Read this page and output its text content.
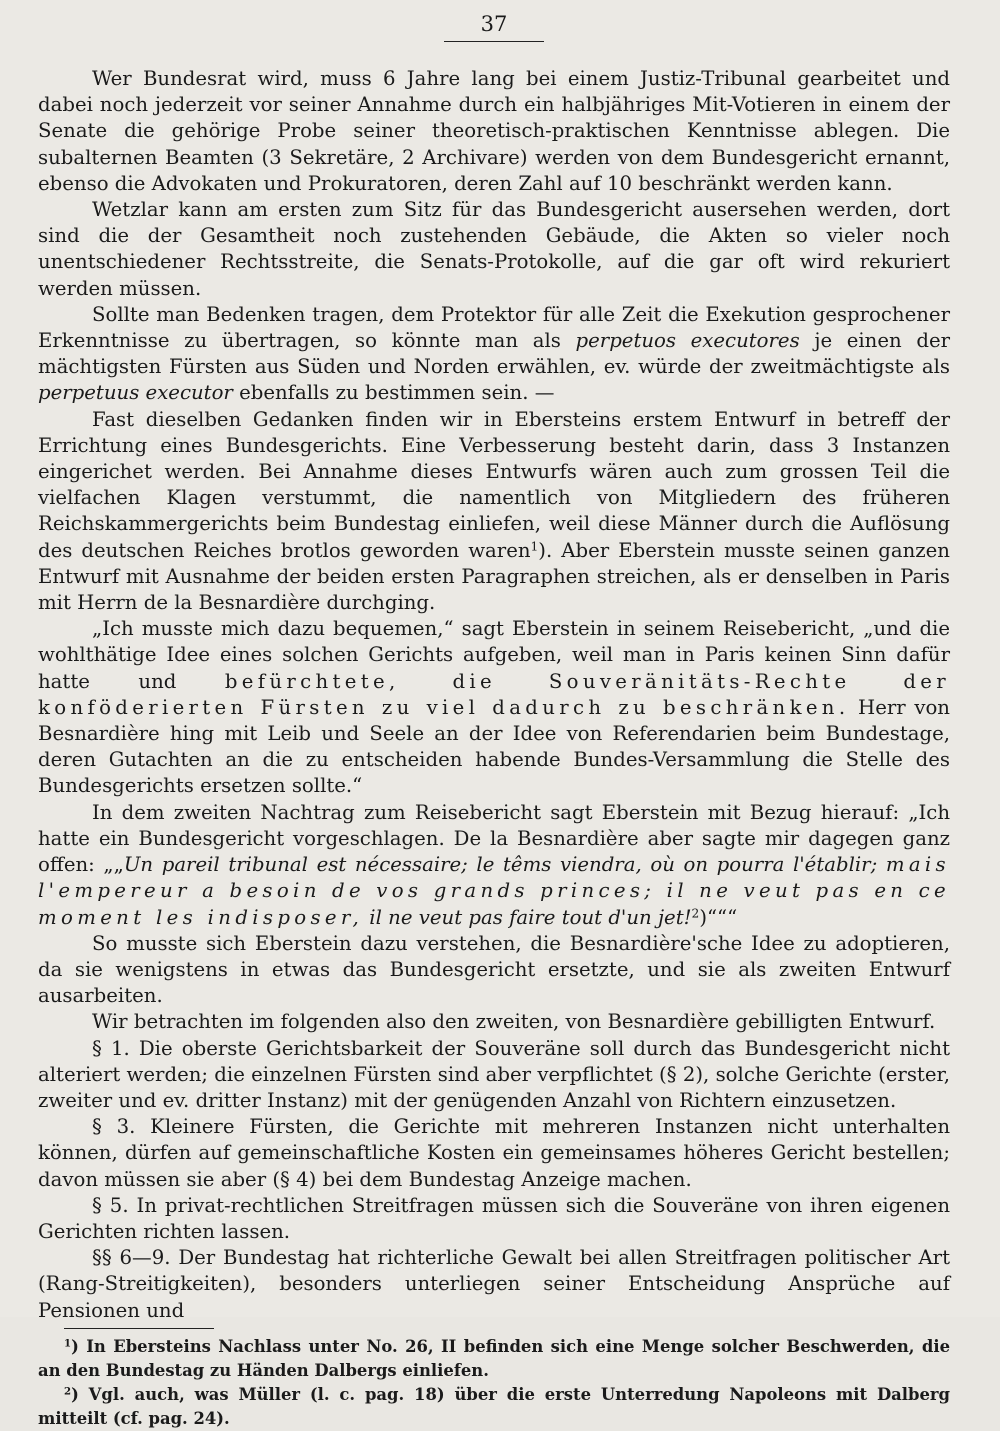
37

Wer Bundesrat wird, muss 6 Jahre lang bei einem Justiz-Tribunal gearbeitet und dabei noch jederzeit vor seiner Annahme durch ein halbjähriges Mit-Votieren in einem der Senate die gehörige Probe seiner theoretisch-praktischen Kenntnisse ablegen. Die subalternen Beamten (3 Sekretäre, 2 Archivare) werden von dem Bundesgericht ernannt, ebenso die Advokaten und Prokuratoren, deren Zahl auf 10 beschränkt werden kann.

Wetzlar kann am ersten zum Sitz für das Bundesgericht ausersehen werden, dort sind die der Gesamtheit noch zustehenden Gebäude, die Akten so vieler noch unentschiedener Rechtsstreite, die Senats-Protokolle, auf die gar oft wird rekuriert werden müssen.

Sollte man Bedenken tragen, dem Protektor für alle Zeit die Exekution gesprochener Erkenntnisse zu übertragen, so könnte man als perpetuos executores je einen der mächtigsten Fürsten aus Süden und Norden erwählen, ev. würde der zweitmächtigste als perpetuus executor ebenfalls zu bestimmen sein. —

Fast dieselben Gedanken finden wir in Ebersteins erstem Entwurf in betreff der Errichtung eines Bundesgerichts. Eine Verbesserung besteht darin, dass 3 Instanzen eingerichet werden. Bei Annahme dieses Entwurfs wären auch zum grossen Teil die vielfachen Klagen verstummt, die namentlich von Mitgliedern des früheren Reichskammergerichts beim Bundestag einliefen, weil diese Männer durch die Auflösung des deutschen Reiches brotlos geworden waren$^1$). Aber Eberstein musste seinen ganzen Entwurf mit Ausnahme der beiden ersten Paragraphen streichen, als er denselben in Paris mit Herrn de la Besnardière durchging.

„Ich musste mich dazu bequemen,“ sagt Eberstein in seinem Reisebericht, „und die wohlthätige Idee eines solchen Gerichts aufgeben, weil man in Paris keinen Sinn dafür hatte und befürchtete, die Souveränitäts-Rechte der konföderierten Fürsten zu viel dadurch zu beschränken. Herr von Besnardière hing mit Leib und Seele an der Idee von Referendarien beim Bundestage, deren Gutachten an die zu entscheiden habende Bundes-Versammlung die Stelle des Bundesgerichts ersetzen sollte.“

In dem zweiten Nachtrag zum Reisebericht sagt Eberstein mit Bezug hierauf: „Ich hatte ein Bundesgericht vorgeschlagen. De la Besnardière aber sagte mir dagegen ganz offen: „„Un pareil tribunal est nécessaire; le têms viendra, où on pourra l'établir; mais l'empereur a besoin de vos grands princes; il ne veut pas en ce moment les indisposer, il ne veut pas faire tout d'un jet!$^2$)“““

So musste sich Eberstein dazu verstehen, die Besnardière'sche Idee zu adoptieren, da sie wenigstens in etwas das Bundesgericht ersetzte, und sie als zweiten Entwurf ausarbeiten.

Wir betrachten im folgenden also den zweiten, von Besnardière gebilligten Entwurf.

§ 1. Die oberste Gerichtsbarkeit der Souveräne soll durch das Bundesgericht nicht alteriert werden; die einzelnen Fürsten sind aber verpflichtet (§ 2), solche Gerichte (erster, zweiter und ev. dritter Instanz) mit der genügenden Anzahl von Richtern einzusetzen.

§ 3. Kleinere Fürsten, die Gerichte mit mehreren Instanzen nicht unterhalten können, dürfen auf gemeinschaftliche Kosten ein gemeinsames höheres Gericht bestellen; davon müssen sie aber (§ 4) bei dem Bundestag Anzeige machen.

§ 5. In privat-rechtlichen Streitfragen müssen sich die Souveräne von ihren eigenen Gerichten richten lassen.

§§ 6—9. Der Bundestag hat richterliche Gewalt bei allen Streitfragen politischer Art (Rang-Streitigkeiten), besonders unterliegen seiner Entscheidung Ansprüche auf Pensionen und

$^1$) In Ebersteins Nachlass unter No. 26, II befinden sich eine Menge solcher Beschwerden, die an den Bundestag zu Händen Dalbergs einliefen.

$^2$) Vgl. auch, was Müller (l. c. pag. 18) über die erste Unterredung Napoleons mit Dalberg mitteilt (cf. pag. 24).
